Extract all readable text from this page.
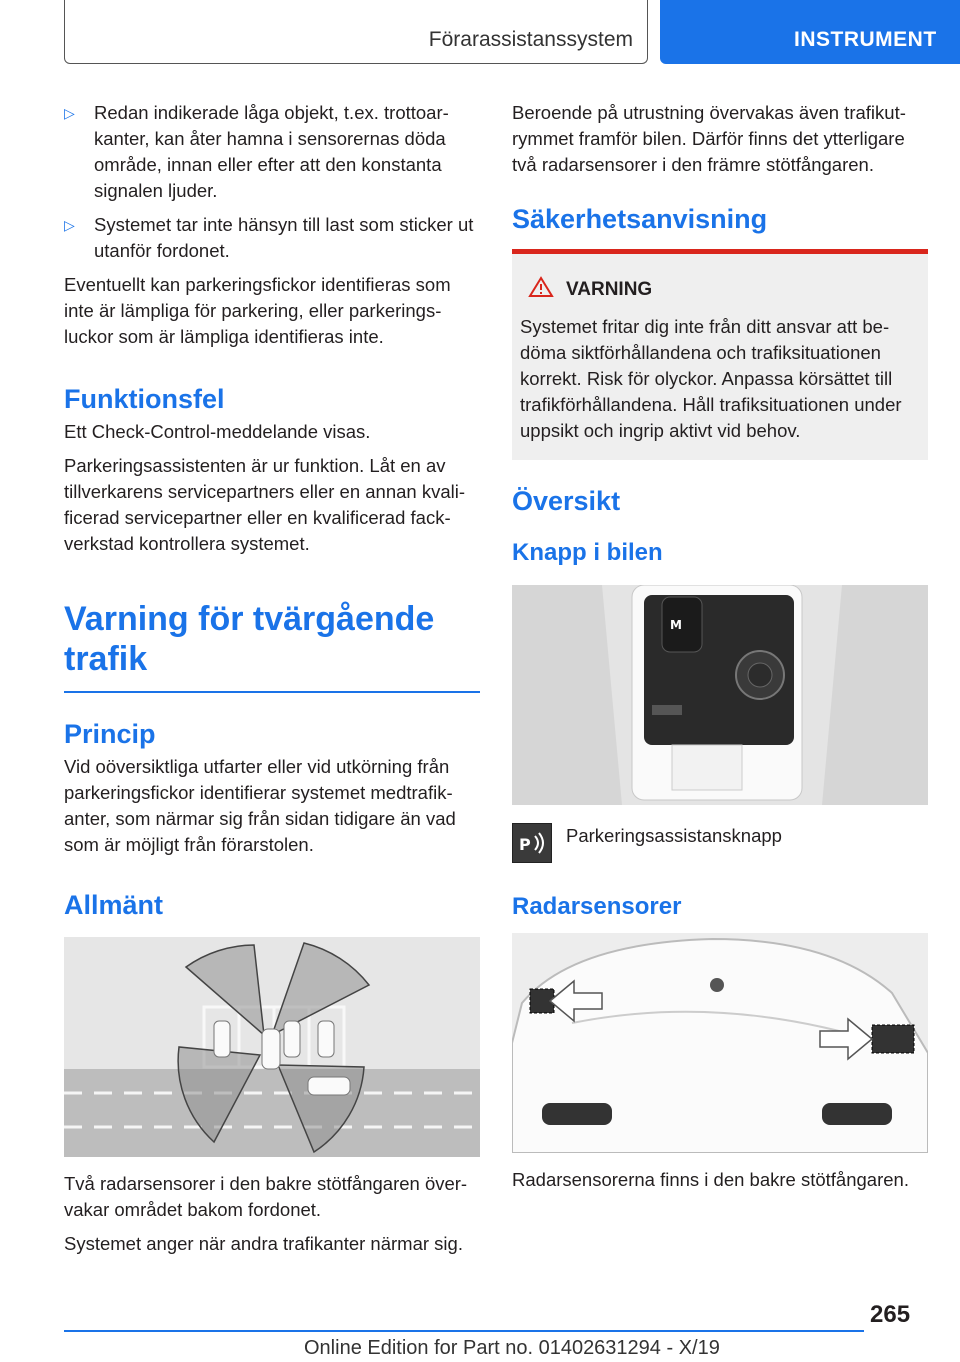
Förarassistanssystem	INSTRUMENT
▷	Redan indikerade låga objekt, t.ex. trottoar‐kanter, kan åter hamna i sensorernas döda område, innan eller efter att den konstanta signalen ljuder.

▷	Systemet tar inte hänsyn till last som sticker ut utanför fordonet.

Eventuellt kan parkeringsfickor identifieras som inte är lämpliga för parkering, eller parkerings‐luckor som är lämpliga identifieras inte.

Funktionsfel

Ett Check-Control-meddelande visas.

Parkeringsassistenten är ur funktion. Låt en av tillverkarens servicepartners eller en annan kvali‐ficerad servicepartner eller en kvalificerad fack‐verkstad kontrollera systemet.

Varning för tvärgående
trafik
Princip

Vid oöversiktliga utfarter eller vid utkörning från parkeringsfickor identifierar systemet medtrafik‐anter, som närmar sig från sidan tidigare än vad som är möjligt från förarstolen.

Allmänt

Två radarsensorer i den bakre stötfångaren över‐vakar området bakom fordonet.

Systemet anger när andra trafikanter närmar sig.

Beroende på utrustning övervakas även trafikut‐rymmet framför bilen. Därför finns det ytterligare två radarsensorer i den främre stötfångaren.

Säkerhetsanvisning
VARNING

Systemet fritar dig inte från ditt ansvar att be‐döma siktförhållandena och trafiksituationen korrekt. Risk för olyckor. Anpassa körsättet till trafikförhållandena. Håll trafiksituationen under uppsikt och ingrip aktivt vid behov.

Översikt
Knapp i bilen
M
P Parkeringsassistansknapp

Radarsensorer

Radarsensorerna finns i den bakre stötfångaren.

265
Online Edition for Part no. 01402631294 - X/19
